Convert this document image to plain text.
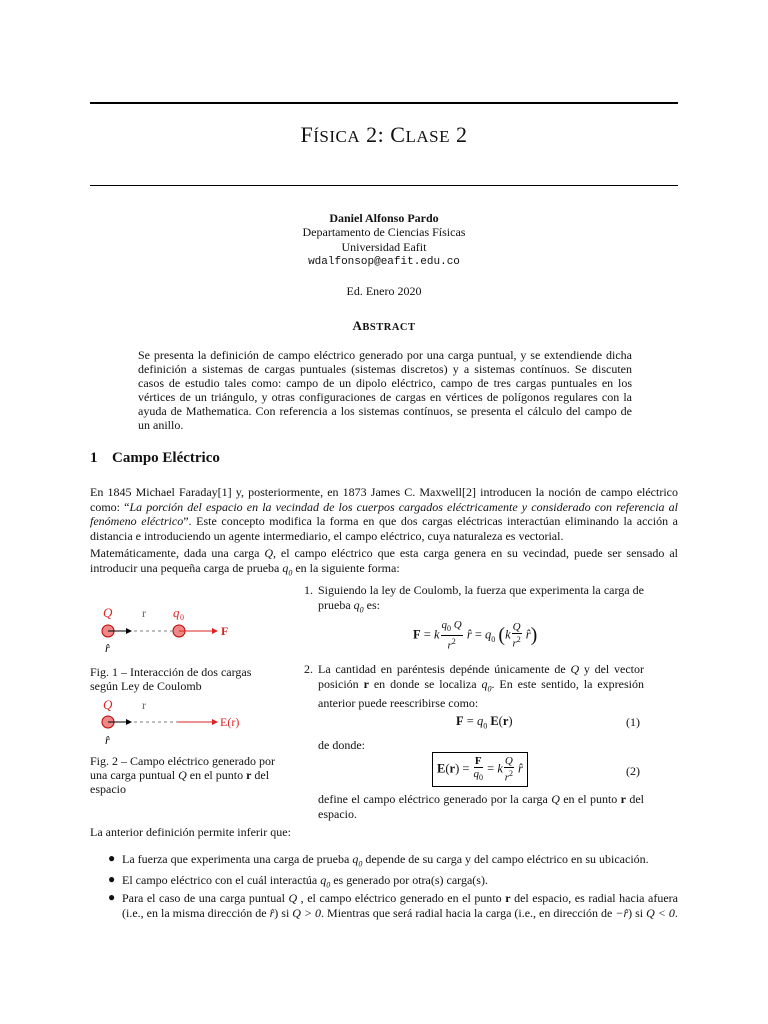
FÍSICA 2: CLASE 2
Daniel Alfonso Pardo
Departamento de Ciencias Físicas
Universidad Eafit
wdalfonsop@eafit.edu.co
Ed. Enero 2020
ABSTRACT
Se presenta la definición de campo eléctrico generado por una carga puntual, y se extendiende dicha definición a sistemas de cargas puntuales (sistemas discretos) y a sistemas contínuos. Se discuten casos de estudio tales como: campo de un dipolo eléctrico, campo de tres cargas puntuales en los vértices de un triángulo, y otras configuraciones de cargas en vértices de polígonos regulares con la ayuda de Mathematica. Con referencia a los sistemas contínuos, se presenta el cálculo del campo de un anillo.
1 Campo Eléctrico
En 1845 Michael Faraday[1] y, posteriormente, en 1873 James C. Maxwell[2] introducen la noción de campo eléctrico como: “La porción del espacio en la vecindad de los cuerpos cargados eléctricamente y considerado con referencia al fenómeno eléctrico”. Este concepto modifica la forma en que dos cargas eléctricas interactúan eliminando la acción a distancia e introduciendo un agente intermediario, el campo eléctrico, cuya naturaleza es vectorial.
Matemáticamente, dada una carga Q, el campo eléctrico que esta carga genera en su vecindad, puede ser sensado al introducir una pequeña carga de prueba $q_0$ en la siguiente forma:
Q r q 0
F
r̂
Fig. 1 – Interacción de dos cargas según Ley de Coulomb
Q r
E(r)
r̂
Fig. 2 – Campo eléctrico generado por una carga puntual Q en el punto r del espacio
1. Siguiendo la ley de Coulomb, la fuerza que experimenta la carga de prueba $q_0$ es:
F = k $\frac{q_0 Q}{r^2}$ r̂ = $q_0$ ($k \frac{Q}{r^2}$ r̂)
2. La cantidad en paréntesis depénde únicamente de Q y del vector posición r en donde se localiza $q_0$. En este sentido, la expresión anterior puede reescribirse como:
$F = q_0$ E(r)	(1)
de donde:
$E(r) = \frac{F}{q_0} = k \frac{Q}{r^2}$ r̂	(2)
define el campo eléctrico generado por la carga Q en el punto r del espacio.
La anterior definición permite inferir que:
● La fuerza que experimenta una carga de prueba $q_0$ depende de su carga y del campo eléctrico en su ubicación.
● El campo eléctrico con el cuál interactúa $q_0$ es generado por otra(s) carga(s).
● Para el caso de una carga puntual Q , el campo eléctrico generado en el punto r del espacio, es radial hacia afuera (i.e., en la misma dirección de r̂) si Q > 0. Mientras que será radial hacia la carga (i.e., en dirección de −r̂) si Q < 0.
